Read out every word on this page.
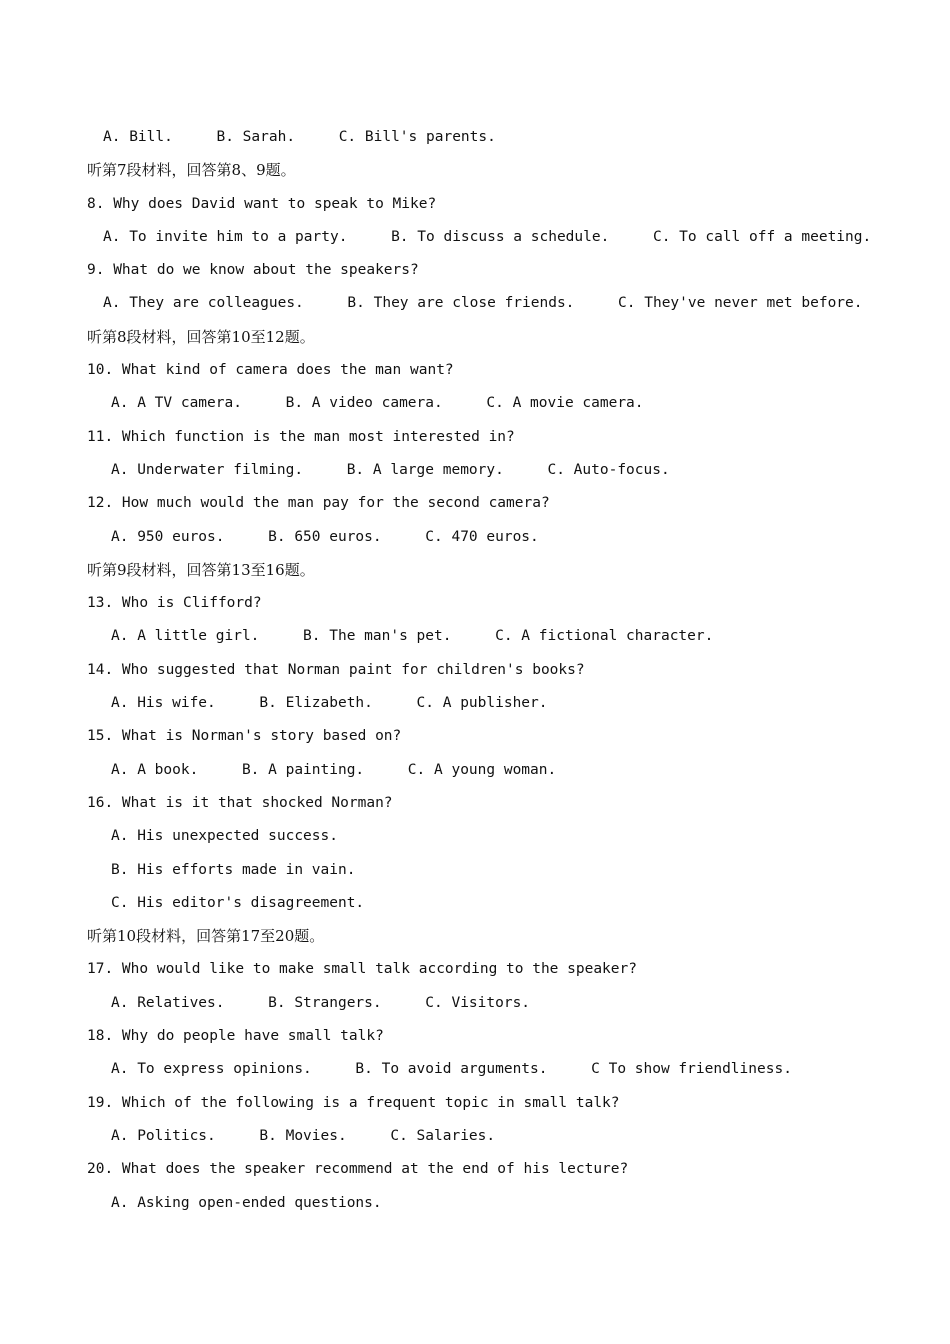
A. Bill.     B. Sarah.     C. Bill's parents.
听第7段材料，回答第8、9题。
8. Why does David want to speak to Mike?
A. To invite him to a party.     B. To discuss a schedule.     C. To call off a meeting.
9. What do we know about the speakers?
A. They are colleagues.     B. They are close friends.     C. They've never met before.
听第8段材料，回答第10至12题。
10. What kind of camera does the man want?
A. A TV camera.     B. A video camera.     C. A movie camera.
11. Which function is the man most interested in?
A. Underwater filming.     B. A large memory.     C. Auto-focus.
12. How much would the man pay for the second camera?
A. 950 euros.     B. 650 euros.     C. 470 euros.
听第9段材料，回答第13至16题。
13. Who is Clifford?
A. A little girl.     B. The man's pet.     C. A fictional character.
14. Who suggested that Norman paint for children's books?
A. His wife.     B. Elizabeth.     C. A publisher.
15. What is Norman's story based on?
A. A book.     B. A painting.     C. A young woman.
16. What is it that shocked Norman?
A. His unexpected success.
B. His efforts made in vain.
C. His editor's disagreement.
听第10段材料，回答第17至20题。
17. Who would like to make small talk according to the speaker?
A. Relatives.     B. Strangers.     C. Visitors.
18. Why do people have small talk?
A. To express opinions.     B. To avoid arguments.     C To show friendliness.
19. Which of the following is a frequent topic in small talk?
A. Politics.     B. Movies.     C. Salaries.
20. What does the speaker recommend at the end of his lecture?
A. Asking open-ended questions.
